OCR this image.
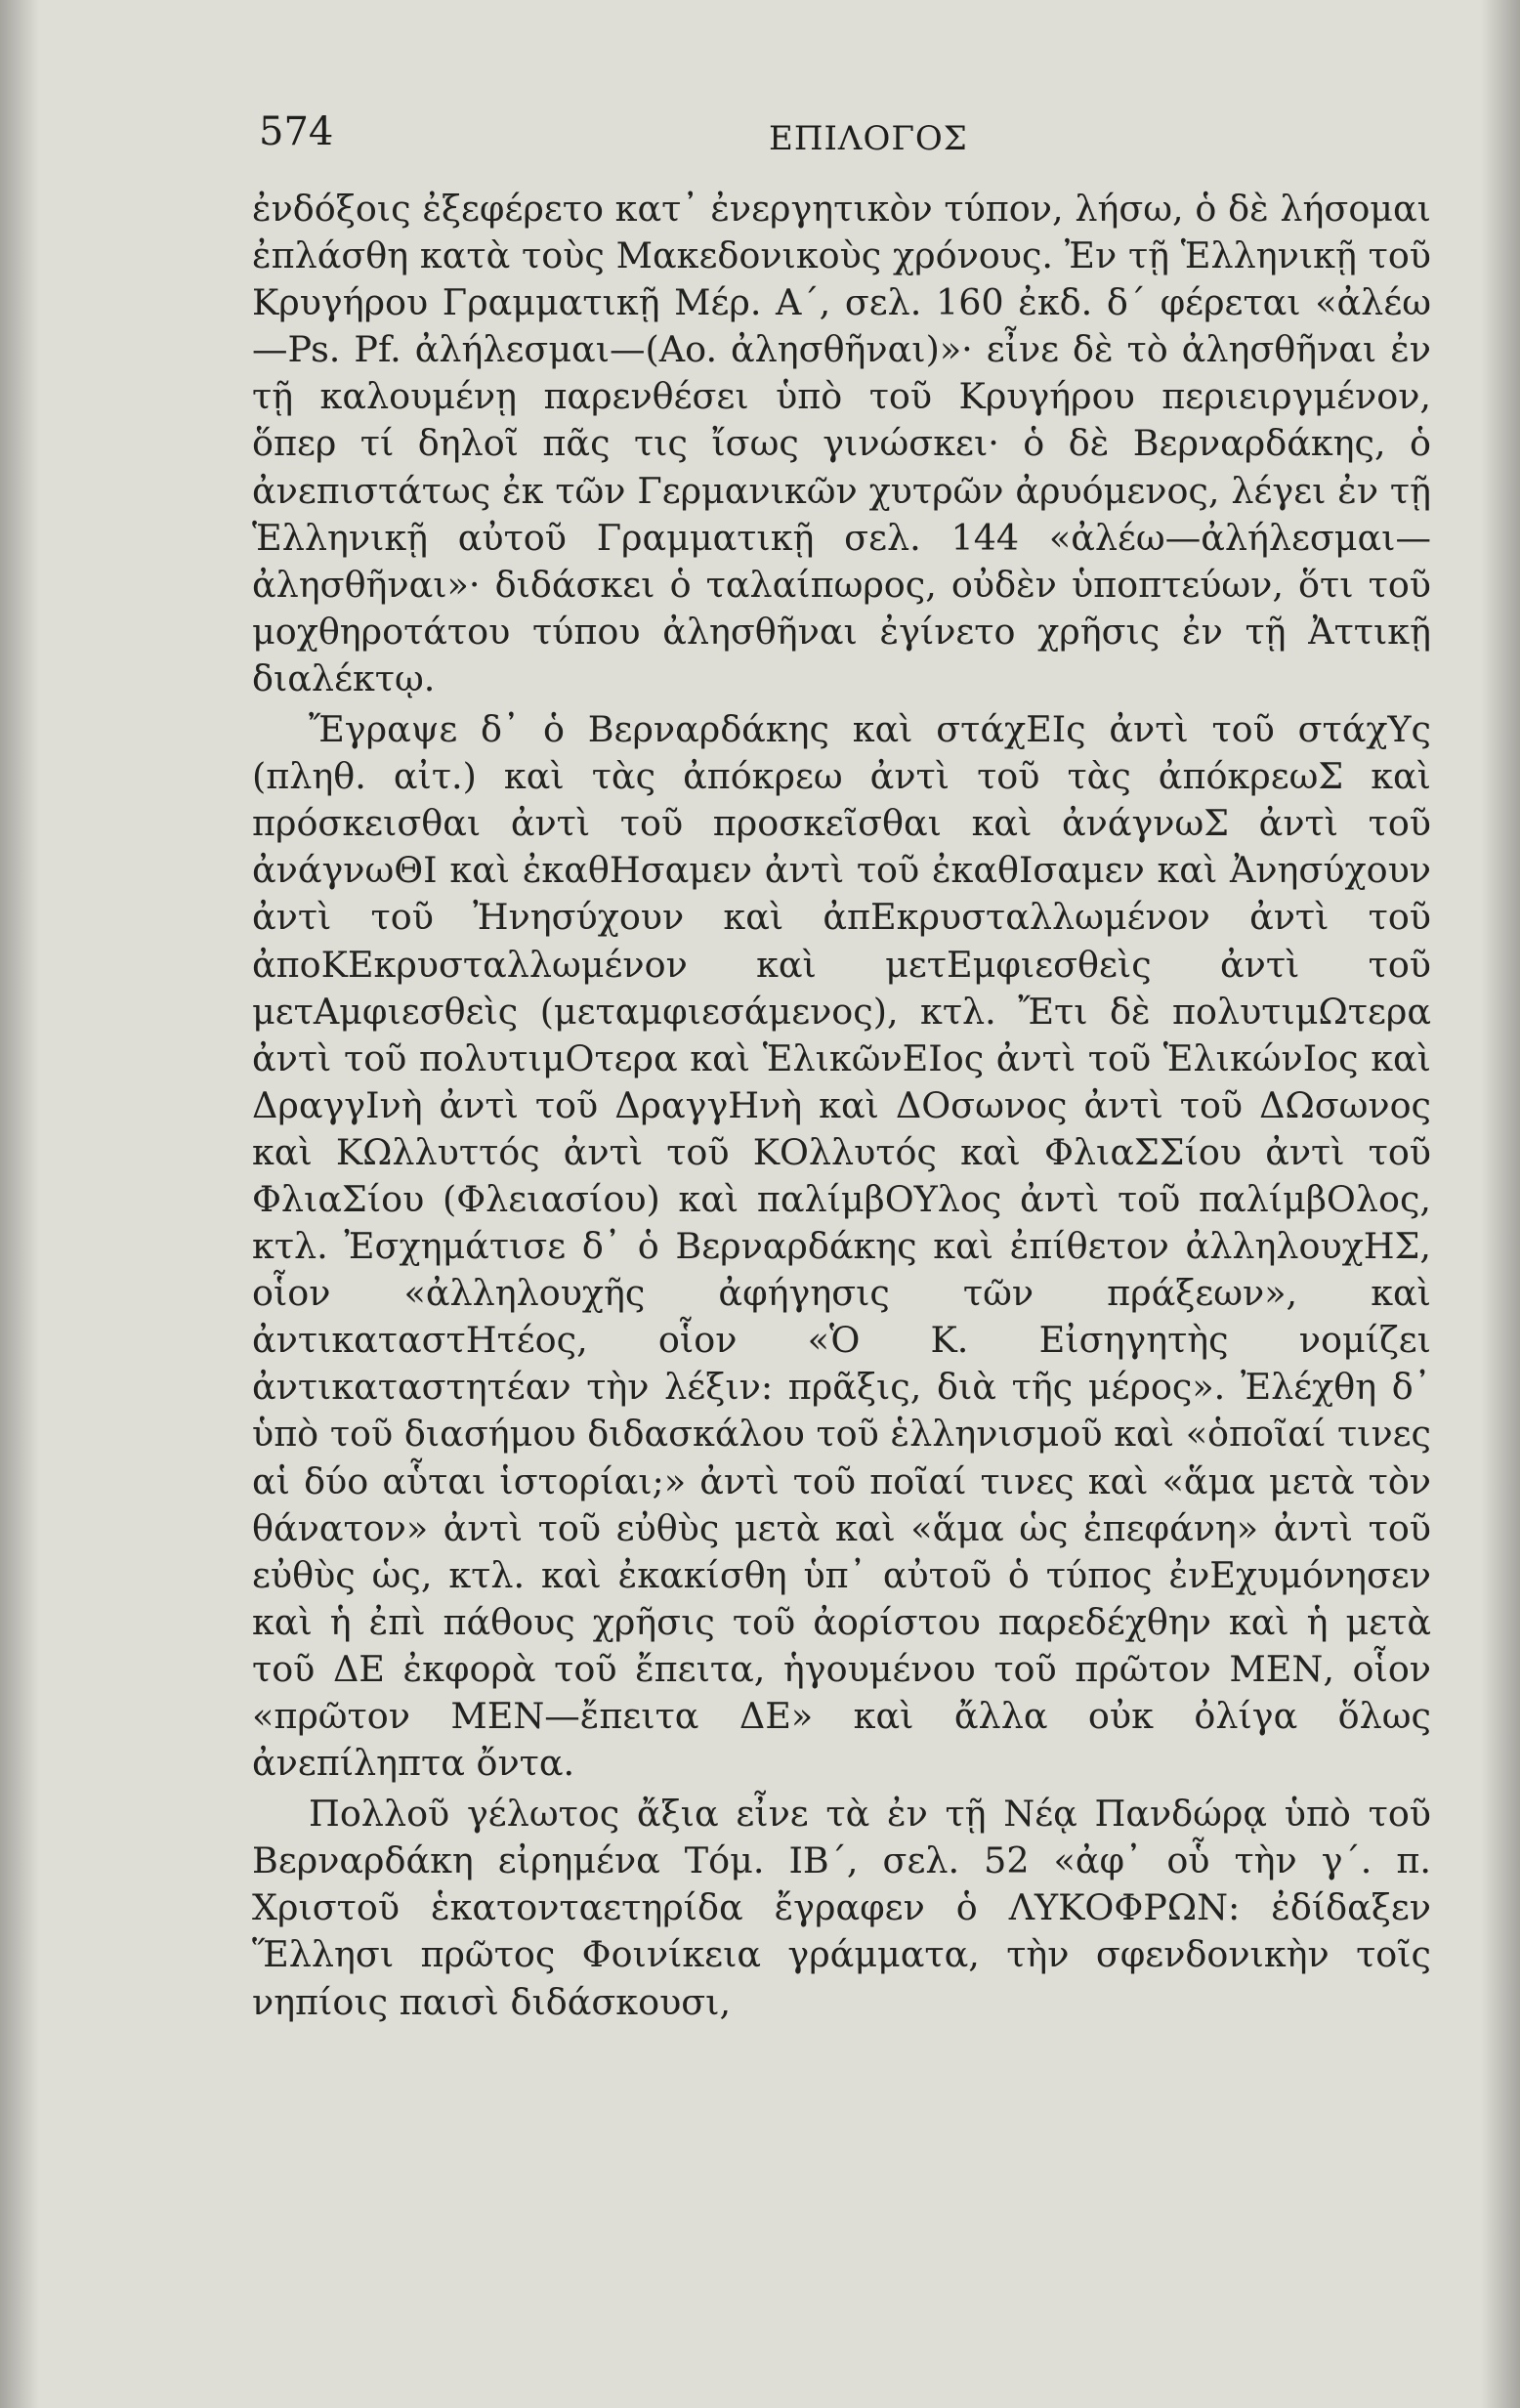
574	ΕΠΙΛΟΓΟΣ

ἐνδόξοις ἐξεφέρετο κατ᾽ ἐνεργητικὸν τύπον, λήσω, ὁ δὲ λήσομαι ἐπλάσθη κατὰ τοὺς Μακεδονικοὺς χρόνους. Ἐν τῇ Ἑλληνικῇ τοῦ Κρυγήρου Γραμματικῇ Μέρ. Α΄, σελ. 160 ἐκδ. δ΄ φέρεται «ἀλέω—Ps. Pf. ἀλήλεσμαι—(Ao. ἀλησθῆναι)»· εἶνε δὲ τὸ ἀλησθῆναι ἐν τῇ καλουμένῃ παρενθέσει ὑπὸ τοῦ Κρυγήρου περιειργμένον, ὅπερ τί δηλοῖ πᾶς τις ἴσως γινώσκει· ὁ δὲ Βερναρδάκης, ὁ ἀνεπιστάτως ἐκ τῶν Γερμανικῶν χυτρῶν ἀρυόμενος, λέγει ἐν τῇ Ἑλληνικῇ αὐτοῦ Γραμματικῇ σελ. 144 «ἀλέω—ἀλήλεσμαι—ἀλησθῆναι»· διδάσκει ὁ ταλαίπωρος, οὐδὲν ὑποπτεύων, ὅτι τοῦ μοχθηροτάτου τύπου ἀλησθῆναι ἐγίνετο χρῆσις ἐν τῇ Ἀττικῇ διαλέκτῳ.

Ἔγραψε δ᾽ ὁ Βερναρδάκης καὶ στάχΕΙς ἀντὶ τοῦ στάχΥς (πληθ. αἰτ.) καὶ τὰς ἀπόκρεω ἀντὶ τοῦ τὰς ἀπόκρεωΣ καὶ πρόσκεισθαι ἀντὶ τοῦ προσκεῖσθαι καὶ ἀνάγνωΣ ἀντὶ τοῦ ἀνάγνωΘΙ καὶ ἐκαθΗσαμεν ἀντὶ τοῦ ἐκαθΙσαμεν καὶ Ἀνησύχουν ἀντὶ τοῦ Ἠνησύχουν καὶ ἀπΕκρυσταλλωμένον ἀντὶ τοῦ ἀποΚΕκρυσταλλωμένον καὶ μετΕμφιεσθεὶς ἀντὶ τοῦ μετΑμφιεσθεὶς (μεταμφιεσάμενος), κτλ. Ἔτι δὲ πολυτιμΩτερα ἀντὶ τοῦ πολυτιμΟτερα καὶ ἙλικῶνΕΙος ἀντὶ τοῦ ἙλικώνΙος καὶ ΔραγγΙνὴ ἀντὶ τοῦ ΔραγγΗνὴ καὶ ΔΟσωνος ἀντὶ τοῦ ΔΩσωνος καὶ ΚΩλλυττός ἀντὶ τοῦ ΚΟλλυτός καὶ ΦλιαΣΣίου ἀντὶ τοῦ ΦλιαΣίου (Φλειασίου) καὶ παλίμβΟΥλος ἀντὶ τοῦ παλίμβΟλος, κτλ. Ἐσχημάτισε δ᾽ ὁ Βερναρδάκης καὶ ἐπίθετον ἀλληλουχΗΣ, οἷον «ἀλληλουχῆς ἀφήγησις τῶν πράξεων», καὶ ἀντικαταστΗτέος, οἷον «Ὁ Κ. Εἰσηγητὴς νομίζει ἀντικαταστητέαν τὴν λέξιν: πρᾶξις, διὰ τῆς μέρος». Ἐλέχθη δ᾽ ὑπὸ τοῦ διασήμου διδασκάλου τοῦ ἑλληνισμοῦ καὶ «ὁποῖαί τινες αἱ δύο αὗται ἱστορίαι;» ἀντὶ τοῦ ποῖαί τινες καὶ «ἅμα μετὰ τὸν θάνατον» ἀντὶ τοῦ εὐθὺς μετὰ καὶ «ἅμα ὡς ἐπεφάνη» ἀντὶ τοῦ εὐθὺς ὡς, κτλ. καὶ ἐκακίσθη ὑπ᾽ αὐτοῦ ὁ τύπος ἐνΕχυμόνησεν καὶ ἡ ἐπὶ πάθους χρῆσις τοῦ ἀορίστου παρεδέχθην καὶ ἡ μετὰ τοῦ ΔΕ ἐκφορὰ τοῦ ἔπειτα, ἡγουμένου τοῦ πρῶτον ΜΕΝ, οἷον «πρῶτον ΜΕΝ—ἔπειτα ΔΕ» καὶ ἄλλα οὐκ ὀλίγα ὅλως ἀνεπίληπτα ὄντα.

Πολλοῦ γέλωτος ἄξια εἶνε τὰ ἐν τῇ Νέᾳ Πανδώρᾳ ὑπὸ τοῦ Βερναρδάκη εἰρημένα Τόμ. ΙΒ΄, σελ. 52 «ἀφ᾽ οὗ τὴν γ΄. π. Χριστοῦ ἑκατονταετηρίδα ἔγραφεν ὁ ΛΥΚΟΦΡΩΝ: ἐδίδαξεν Ἕλλησι πρῶτος Φοινίκεια γράμματα, τὴν σφενδονικὴν τοῖς νηπίοις παισὶ διδάσκουσι,
